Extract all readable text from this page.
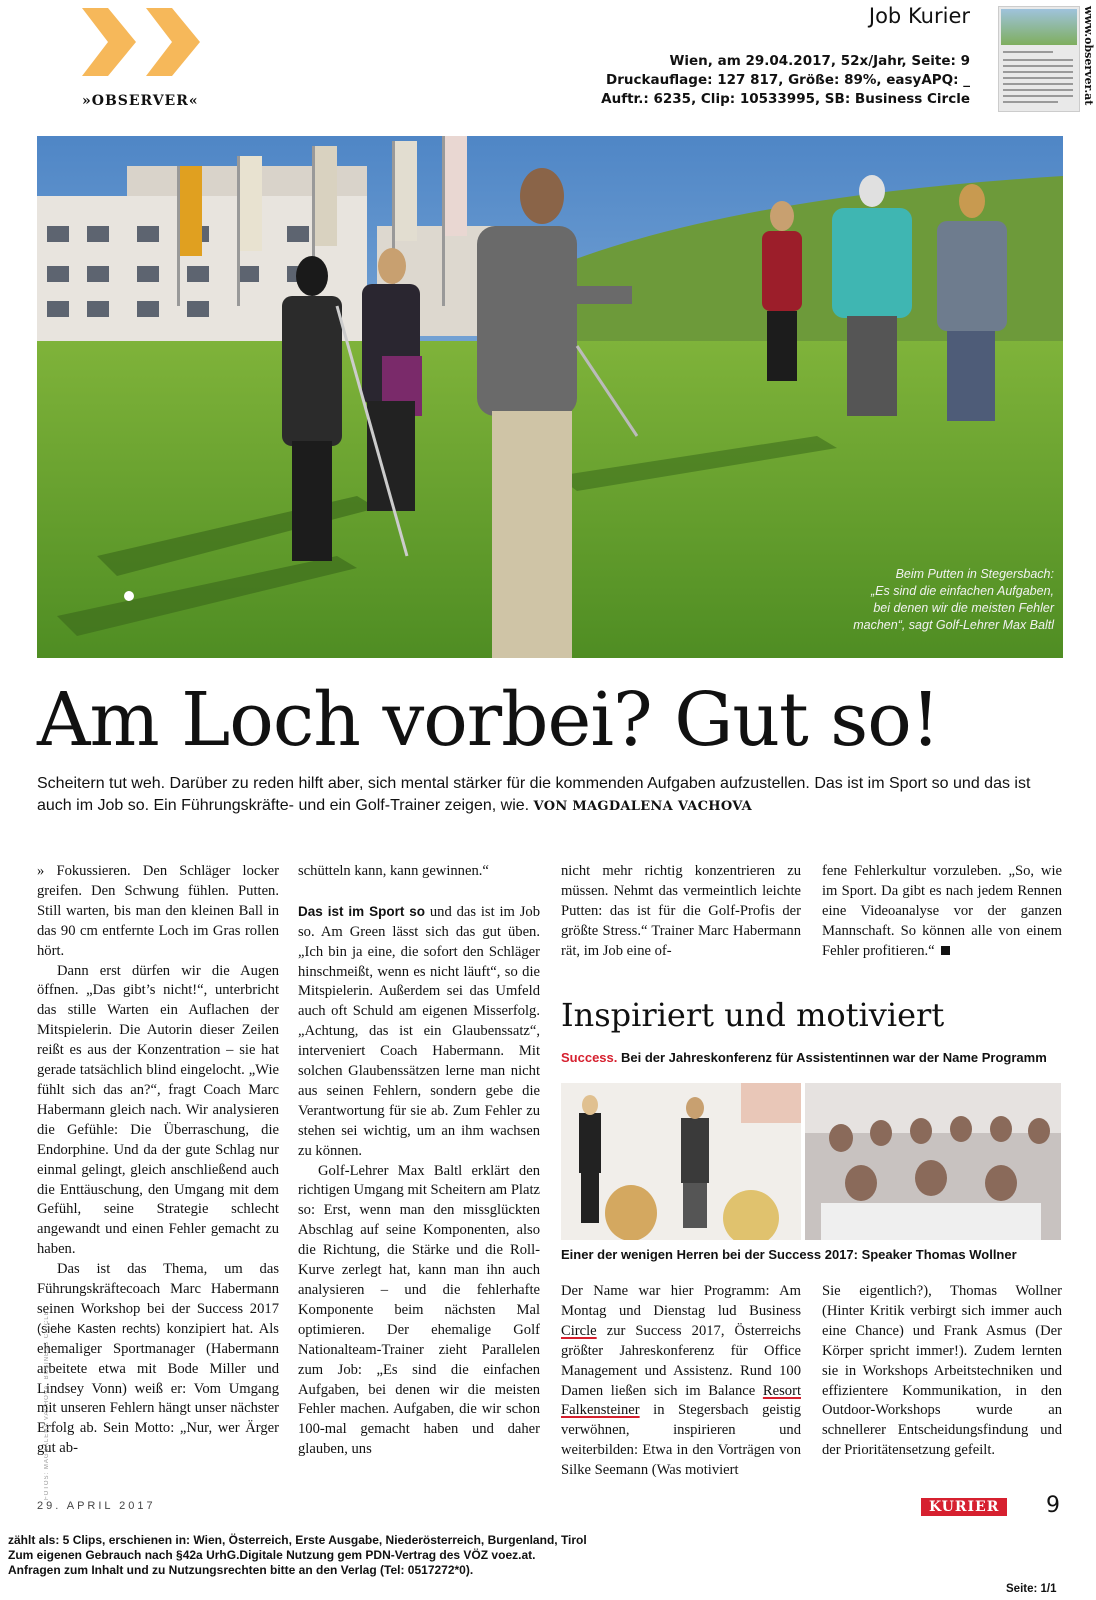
»OBSERVER«
Job Kurier
Wien, am 29.04.2017, 52x/Jahr, Seite: 9
Druckauflage: 127 817, Größe: 89%, easyAPQ: _
Auftr.: 6235, Clip: 10533995, SB: Business Circle	www.observer.at
Beim Putten in Stegersbach:
„Es sind die einfachen Aufgaben,
bei denen wir die meisten Fehler
machen“, sagt Golf-Lehrer Max Baltl
Am Loch vorbei? Gut so!
Scheitern tut weh. Darüber zu reden hilft aber, sich mental stärker für die kommenden Aufgaben aufzustellen. Das ist im Sport so und das ist auch im Job so. Ein Führungskräfte- und ein Golf-Trainer zeigen, wie. VON MAGDALENA VACHOVA

» Fokussieren. Den Schläger locker greifen. Den Schwung fühlen. Putten. Still warten, bis man den kleinen Ball in das 90 cm entfernte Loch im Gras rollen hört.

Dann erst dürfen wir die Augen öffnen. „Das gibt’s nicht!“, unterbricht das stille Warten ein Auflachen der Mitspielerin. Die Autorin dieser Zeilen reißt es aus der Konzentration – sie hat gerade tatsächlich blind eingelocht. „Wie fühlt sich das an?“, fragt Coach Marc Habermann gleich nach. Wir analysieren die Gefühle: Die Überraschung, die Endorphine. Und da der gute Schlag nur einmal gelingt, gleich anschließend auch die Enttäuschung, den Umgang mit dem Gefühl, seine Strategie schlecht angewandt und einen Fehler gemacht zu haben.

Das ist das Thema, um das Führungskräftecoach Marc Habermann seinen Workshop bei der Success 2017 (siehe Kasten rechts) konzipiert hat. Als ehemaliger Sportmanager (Habermann arbeitete etwa mit Bode Miller und Lindsey Vonn) weiß er: Vom Umgang mit unseren Fehlern hängt unser nächster Erfolg ab. Sein Motto: „Nur, wer Ärger gut ab-

schütteln kann, kann gewinnen.“

Das ist im Sport so und das ist im Job so. Am Green lässt sich das gut üben. „Ich bin ja eine, die sofort den Schläger hinschmeißt, wenn es nicht läuft“, so die Mitspielerin. Außerdem sei das Umfeld auch oft Schuld am eigenen Misserfolg. „Achtung, das ist ein Glaubenssatz“, interveniert Coach Habermann. Mit solchen Glaubenssätzen lerne man nicht aus seinen Fehlern, sondern gebe die Verantwortung für sie ab. Zum Fehler zu stehen sei wichtig, um an ihm wachsen zu können.

Golf-Lehrer Max Baltl erklärt den richtigen Umgang mit Scheitern am Platz so: Erst, wenn man den missglückten Abschlag auf seine Komponenten, also die Richtung, die Stärke und die Roll-Kurve zerlegt hat, kann man ihn auch analysieren – und die fehlerhafte Komponente beim nächsten Mal optimieren. Der ehemalige Golf Nationalteam-Trainer zieht Parallelen zum Job: „Es sind die einfachen Aufgaben, bei denen wir die meisten Fehler machen. Aufgaben, die wir schon 100-mal gemacht haben und daher glauben, uns

nicht mehr richtig konzentrieren zu müssen. Nehmt das vermeintlich leichte Putten: das ist für die Golf-Profis der größte Stress.“ Trainer Marc Habermann rät, im Job eine of-

fene Fehlerkultur vorzuleben. „So, wie im Sport. Da gibt es nach jedem Rennen eine Videoanalyse vor der ganzen Mannschaft. So können alle von einem Fehler profitieren.“

Inspiriert und motiviert
Success. Bei der Jahreskonferenz für Assistentinnen war der Name Programm
Einer der wenigen Herren bei der Success 2017: Speaker Thomas Wollner
Der Name war hier Programm: Am Montag und Dienstag lud Business Circle zur Success 2017, Österreichs größter Jahreskonferenz für Office Management und Assistenz. Rund 100 Damen ließen sich im Balance Resort Falkensteiner in Stegersbach geistig verwöhnen, inspirieren und weiterbilden: Etwa in den Vorträgen von Silke Seemann (Was motiviert
Sie eigentlich?), Thomas Wollner (Hinter Kritik verbirgt sich immer auch eine Chance) und Frank Asmus (Der Körper spricht immer!). Zudem lernten sie in Workshops Arbeitstechniken und effizientere Kommunikation, in den Outdoor-Workshops wurde an schnellerer Entscheidungsfindung und der Prioritätensetzung gefeilt.
FOTOS: MAGDALENA VACHOVA, BUSINESS CIRCLE
29. APRIL 2017	KURIER	9
zählt als: 5 Clips, erschienen in: Wien, Österreich, Erste Ausgabe, Niederösterreich, Burgenland, Tirol
Zum eigenen Gebrauch nach §42a UrhG.Digitale Nutzung gem PDN-Vertrag des VÖZ voez.at.
Anfragen zum Inhalt und zu Nutzungsrechten bitte an den Verlag (Tel: 0517272*0).
Seite: 1/1
